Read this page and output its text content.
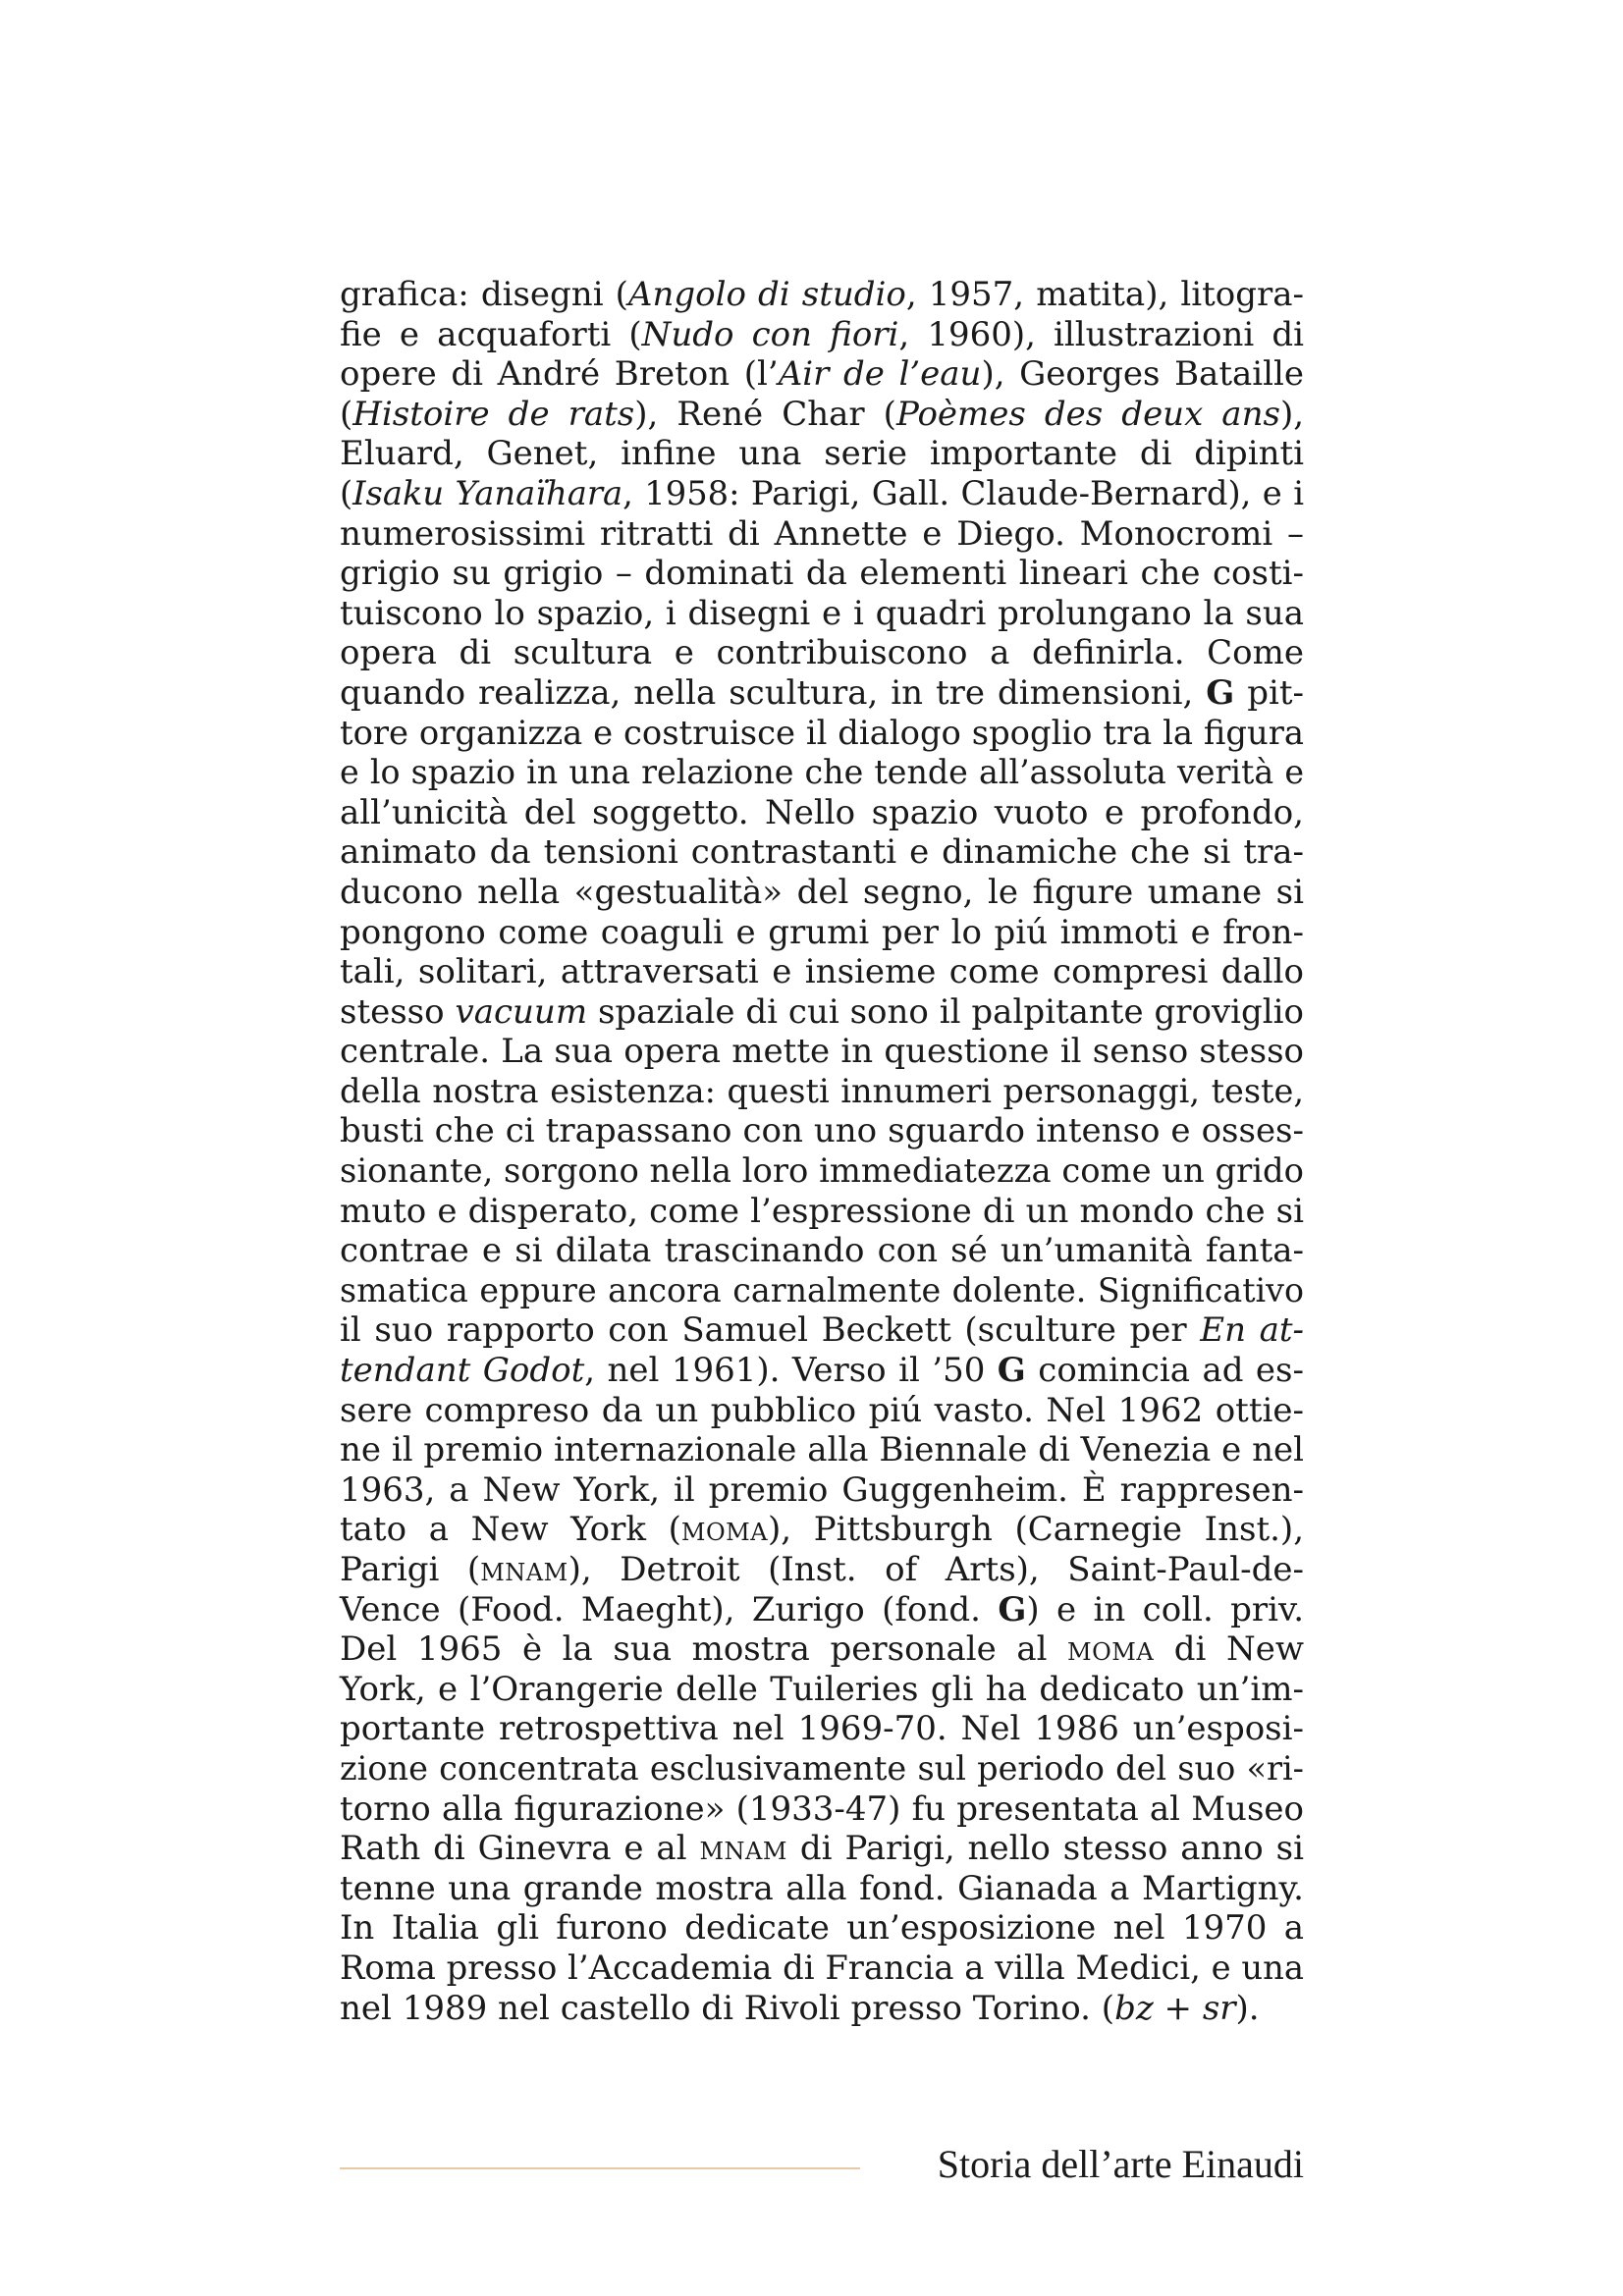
grafica: disegni (Angolo di studio, 1957, matita), litogra-
fie e acquaforti (Nudo con fiori, 1960), illustrazioni di
opere di André Breton (l’Air de l’eau), Georges Bataille
(Histoire de rats), René Char (Poèmes des deux ans),
Eluard, Genet, infine una serie importante di dipinti
(Isaku Yanaïhara, 1958: Parigi, Gall. Claude-Bernard), e i
numerosissimi ritratti di Annette e Diego. Monocromi –
grigio su grigio – dominati da elementi lineari che costi-
tuiscono lo spazio, i disegni e i quadri prolungano la sua
opera di scultura e contribuiscono a definirla. Come
quando realizza, nella scultura, in tre dimensioni, G pit-
tore organizza e costruisce il dialogo spoglio tra la figura
e lo spazio in una relazione che tende all’assoluta verità e
all’unicità del soggetto. Nello spazio vuoto e profondo,
animato da tensioni contrastanti e dinamiche che si tra-
ducono nella «gestualità» del segno, le figure umane si
pongono come coaguli e grumi per lo piú immoti e fron-
tali, solitari, attraversati e insieme come compresi dallo
stesso vacuum spaziale di cui sono il palpitante groviglio
centrale. La sua opera mette in questione il senso stesso
della nostra esistenza: questi innumeri personaggi, teste,
busti che ci trapassano con uno sguardo intenso e osses-
sionante, sorgono nella loro immediatezza come un grido
muto e disperato, come l’espressione di un mondo che si
contrae e si dilata trascinando con sé un’umanità fanta-
smatica eppure ancora carnalmente dolente. Significativo
il suo rapporto con Samuel Beckett (sculture per En at-
tendant Godot, nel 1961). Verso il ’50 G comincia ad es-
sere compreso da un pubblico piú vasto. Nel 1962 ottie-
ne il premio internazionale alla Biennale di Venezia e nel
1963, a New York, il premio Guggenheim. È rappresen-
tato a New York (moma), Pittsburgh (Carnegie Inst.),
Parigi (mnam), Detroit (Inst. of Arts), Saint-Paul-de-
Vence (Food. Maeght), Zurigo (fond. G) e in coll. priv.
Del 1965 è la sua mostra personale al moma di New
York, e l’Orangerie delle Tuileries gli ha dedicato un’im-
portante retrospettiva nel 1969-70. Nel 1986 un’esposi-
zione concentrata esclusivamente sul periodo del suo «ri-
torno alla figurazione» (1933-47) fu presentata al Museo
Rath di Ginevra e al mnam di Parigi, nello stesso anno si
tenne una grande mostra alla fond. Gianada a Martigny.
In Italia gli furono dedicate un’esposizione nel 1970 a
Roma presso l’Accademia di Francia a villa Medici, e una
nel 1989 nel castello di Rivoli presso Torino. (bz + sr).
Storia dell’arte Einaudi
